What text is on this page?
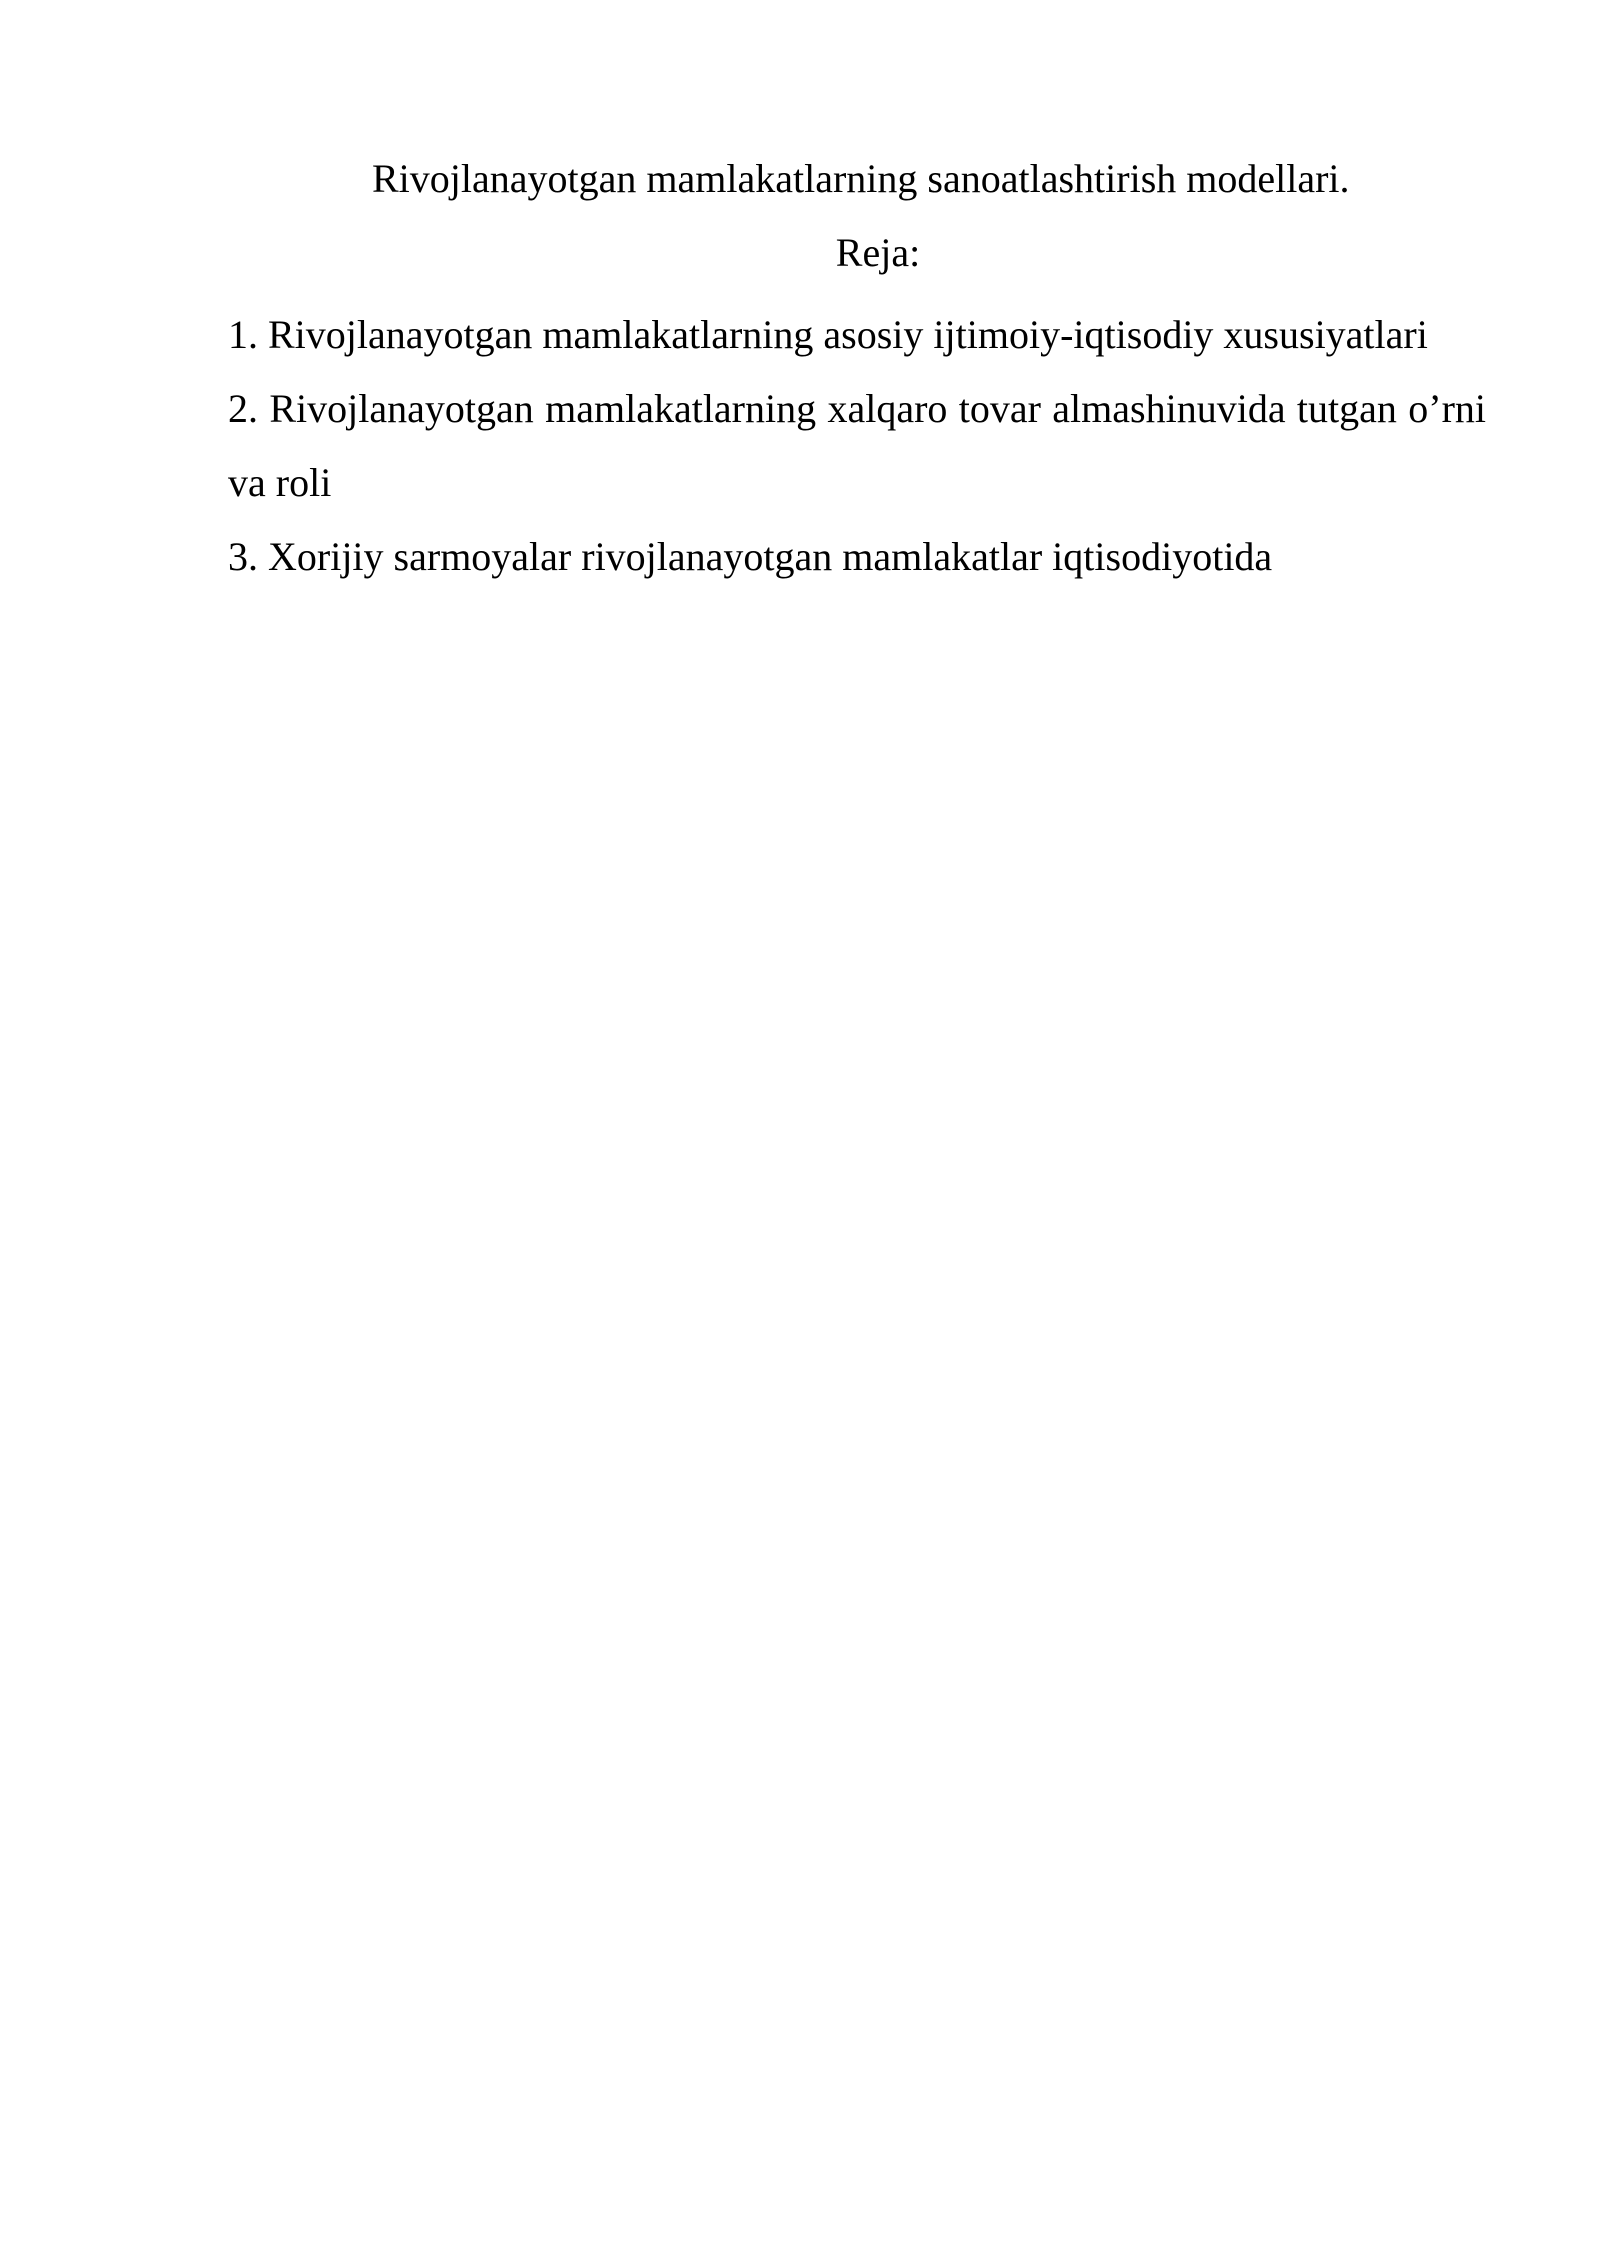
Rivojlanayotgan mamlakatlarning sanoatlashtirish modellari.

Reja:

1. Rivojlanayotgan mamlakatlarning asosiy ijtimoiy-iqtisodiy xususiyatlari
2. Rivojlanayotgan mamlakatlarning xalqaro tovar almashinuvida tutgan o’rni va roli
3. Xorijiy sarmoyalar rivojlanayotgan mamlakatlar iqtisodiyotida
